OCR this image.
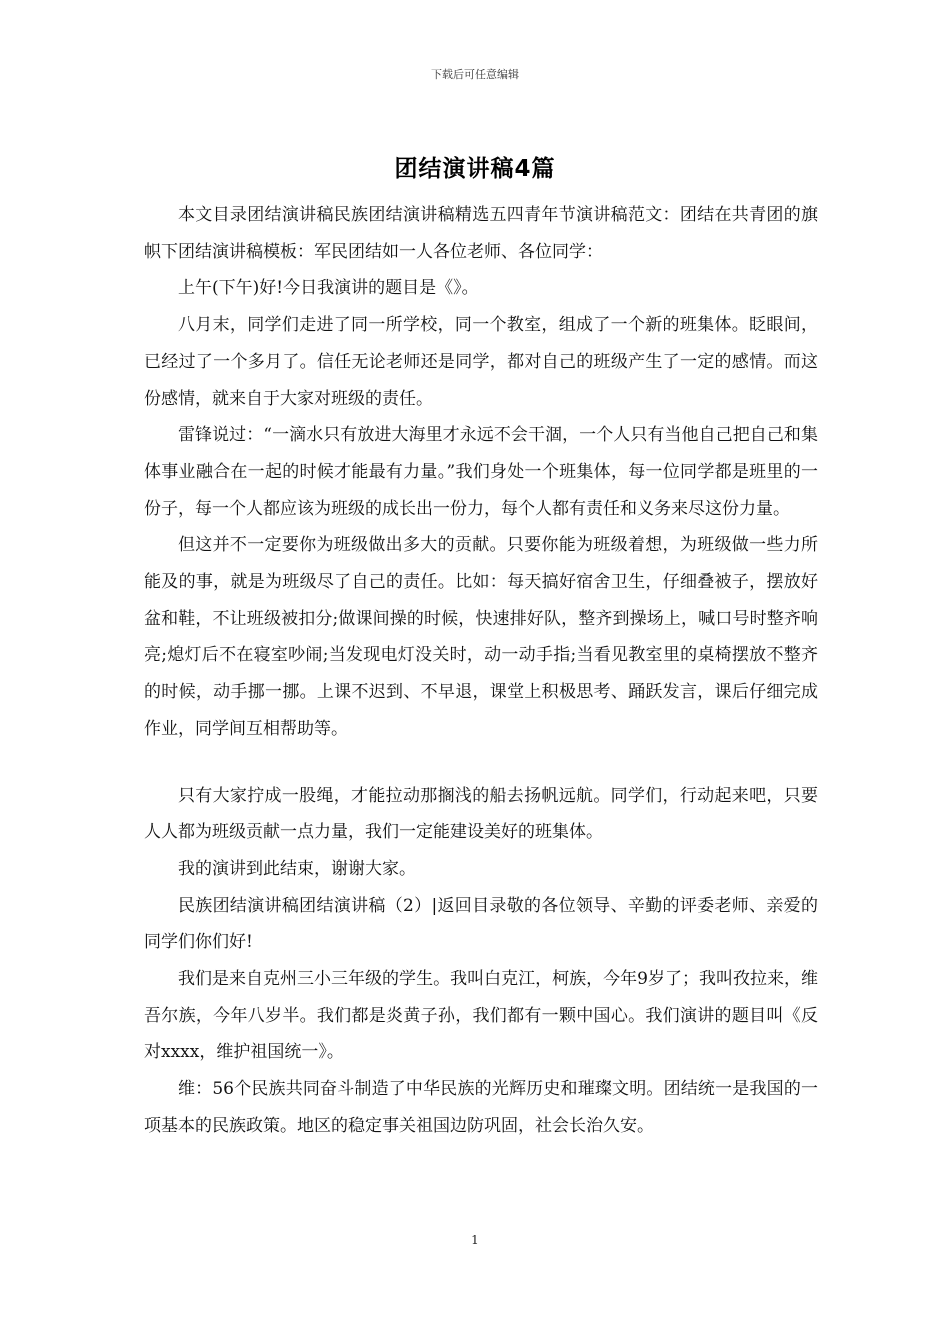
下载后可任意编辑
团结演讲稿4篇

本文目录团结演讲稿民族团结演讲稿精选五四青年节演讲稿范文：团结在共青团的旗帜下团结演讲稿模板：军民团结如一人各位老师、各位同学：

上午(下午)好!今日我演讲的题目是《》。

八月末，同学们走进了同一所学校，同一个教室，组成了一个新的班集体。眨眼间，已经过了一个多月了。信任无论老师还是同学，都对自己的班级产生了一定的感情。而这份感情，就来自于大家对班级的责任。

雷锋说过：“一滴水只有放进大海里才永远不会干涸，一个人只有当他自己把自己和集体事业融合在一起的时候才能最有力量。”我们身处一个班集体，每一位同学都是班里的一份子，每一个人都应该为班级的成长出一份力，每个人都有责任和义务来尽这份力量。

但这并不一定要你为班级做出多大的贡献。只要你能为班级着想，为班级做一些力所能及的事，就是为班级尽了自己的责任。比如：每天搞好宿舍卫生，仔细叠被子，摆放好盆和鞋，不让班级被扣分;做课间操的时候，快速排好队，整齐到操场上，喊口号时整齐响亮;熄灯后不在寝室吵闹;当发现电灯没关时，动一动手指;当看见教室里的桌椅摆放不整齐的时候，动手挪一挪。上课不迟到、不早退，课堂上积极思考、踊跃发言，课后仔细完成作业，同学间互相帮助等。

只有大家拧成一股绳，才能拉动那搁浅的船去扬帆远航。同学们，行动起来吧，只要人人都为班级贡献一点力量，我们一定能建设美好的班集体。

我的演讲到此结束，谢谢大家。

民族团结演讲稿团结演讲稿（2）|返回目录敬的各位领导、辛勤的评委老师、亲爱的同学们你们好!

我们是来自克州三小三年级的学生。我叫白克江，柯族，今年9岁了；我叫孜拉来，维吾尔族，今年八岁半。我们都是炎黄子孙，我们都有一颗中国心。我们演讲的题目叫《反对xxxx，维护祖国统一》。

维：56个民族共同奋斗制造了中华民族的光辉历史和璀璨文明。团结统一是我国的一项基本的民族政策。地区的稳定事关祖国边防巩固，社会长治久安。

1
